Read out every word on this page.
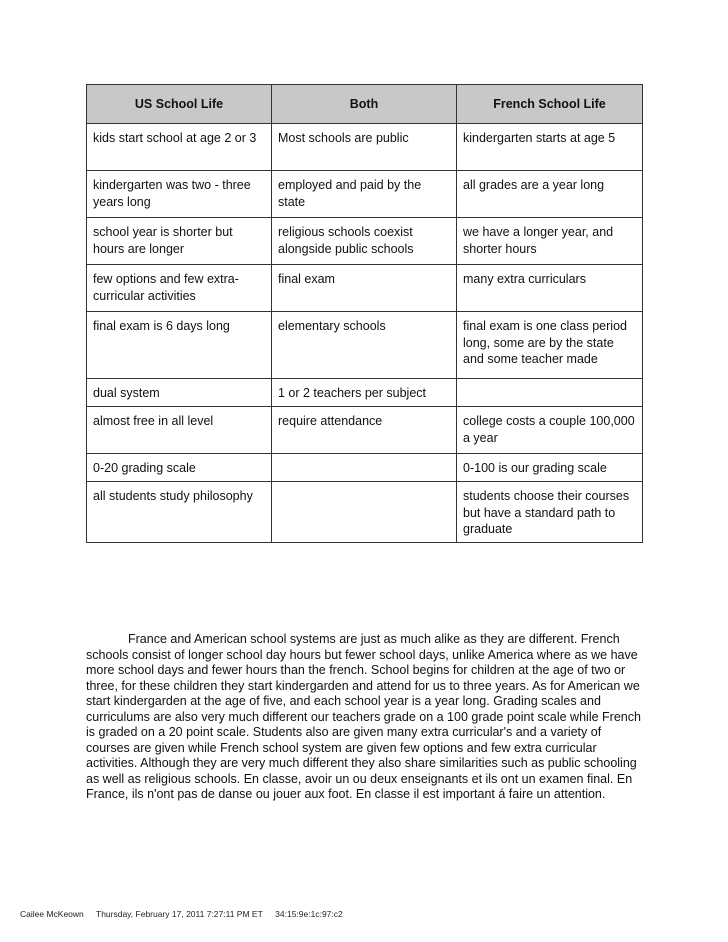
US School Life	Both	French School Life
kids start school at age 2 or 3	Most schools are public	kindergarten starts at age 5
kindergarten was two - three years long	employed and paid by the state	all grades are a year long
school year is shorter but hours are longer	religious schools coexist alongside public schools	we have a longer year, and shorter hours
few options and few extra-curricular activities	final exam	many extra curriculars
final exam is 6 days long	elementary schools	final exam is one class period long, some are by the state and some teacher made
dual system	1 or 2 teachers per subject	
almost free in all level	require attendance	college costs a couple 100,000 a year
0-20 grading scale		0-100 is our grading scale
all students study philosophy		students choose their courses but have a standard path to graduate

France and American school systems are just as much alike as they are different. French schools consist of longer school day hours but fewer school days, unlike America where as we have more school days and fewer hours than the french. School begins for children at the age of two or three, for these children they start kindergarden and attend for us to three years. As for American we start kindergarden at the age of five, and each school year is a year long. Grading scales and curriculums are also very much different our teachers grade on a 100 grade point scale while French is graded on a 20 point scale. Students also are given many extra curricular's and a variety of courses are given while French school system are given few options and few extra curricular activities. Although they are very much different they also share similarities such as public schooling as well as religious schools. En classe, avoir un ou deux enseignants et ils ont un examen final. En France, ils n'ont pas de danse ou jouer aux foot. En classe il est important á faire un attention.

Cailee McKeown Thursday, February 17, 2011 7:27:11 PM ET 34:15:9e:1c:97:c2
